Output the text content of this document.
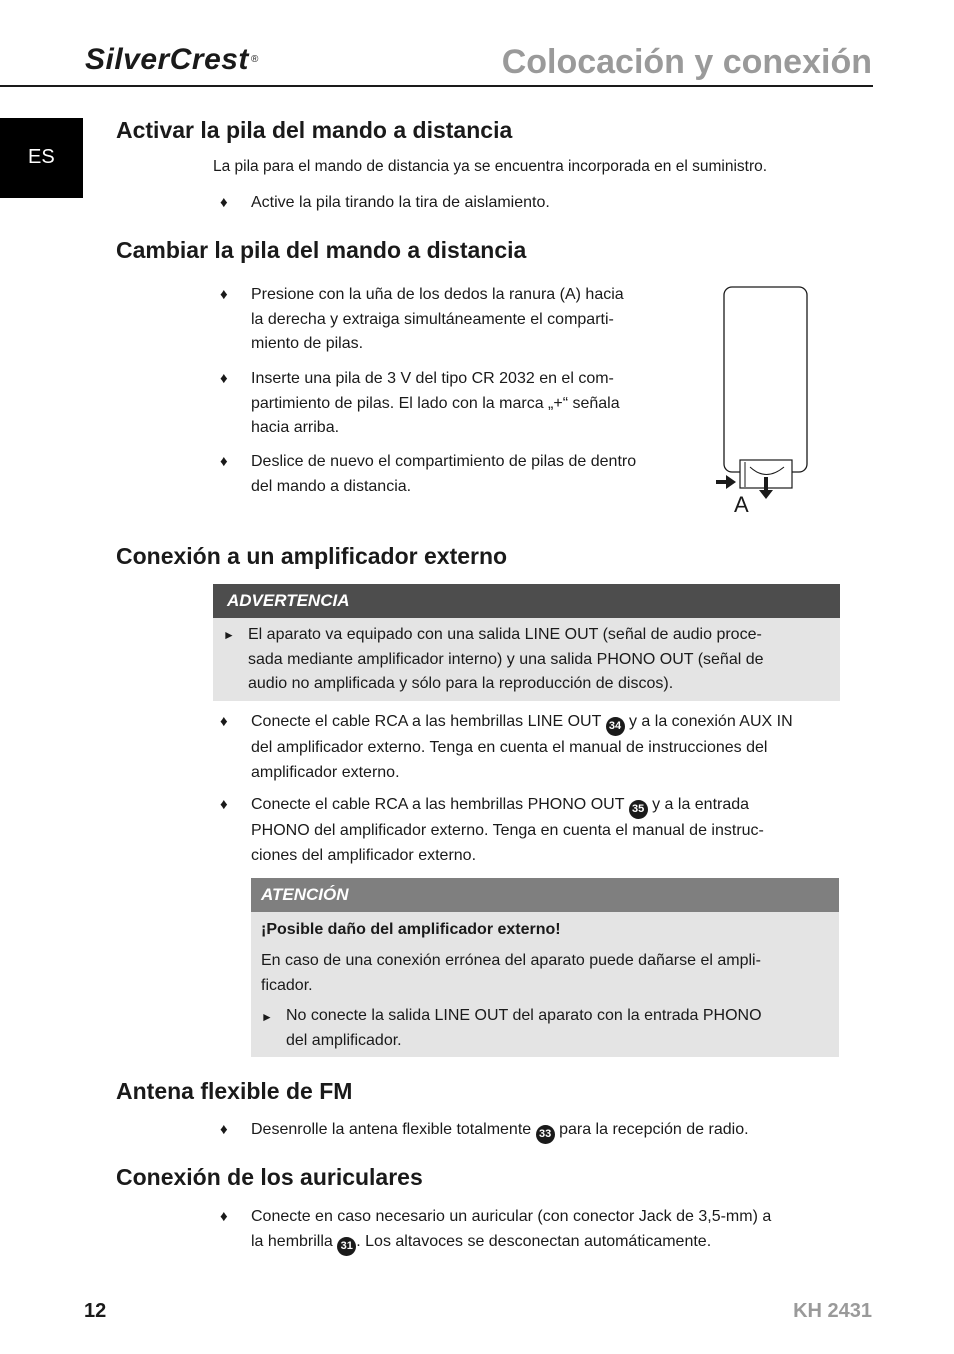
SilverCrest ®	Colocación y conexión
ES
Activar la pila del mando a distancia
La pila para el mando de distancia ya se encuentra incorporada en el suministro.
♦ Active la pila tirando la tira de aislamiento.
Cambiar la pila del mando a distancia
♦ Presione con la uña de los dedos la ranura (A) hacia
la derecha y extraiga simultáneamente el comparti-
miento de pilas.
♦ Inserte una pila de 3 V del tipo CR 2032 en el com-
partimiento de pilas. El lado con la marca „+“ señala
hacia arriba.
♦ Deslice de nuevo el compartimiento de pilas de dentro
del mando a distancia.
A
Conexión a un amplificador externo
ADVERTENCIA
► El aparato va equipado con una salida LINE OUT (señal de audio proce-
sada mediante amplificador interno) y una salida PHONO OUT (señal de
audio no amplificada y sólo para la reproducción de discos).
♦ Conecte el cable RCA a las hembrillas LINE OUT 34 y a la conexión AUX IN
del amplificador externo. Tenga en cuenta el manual de instrucciones del
amplificador externo.
♦ Conecte el cable RCA a las hembrillas PHONO OUT 35 y a la entrada
PHONO del amplificador externo. Tenga en cuenta el manual de instruc-
ciones del amplificador externo.
ATENCIÓN
¡Posible daño del amplificador externo!
En caso de una conexión errónea del aparato puede dañarse el ampli-
ficador.
► No conecte la salida LINE OUT del aparato con la entrada PHONO
del amplificador.
Antena flexible de FM
♦ Desenrolle la antena flexible totalmente 33 para la recepción de radio.
Conexión de los auriculares
♦ Conecte en caso necesario un auricular (con conector Jack de 3,5-mm) a
la hembrilla 31 . Los altavoces se desconectan automáticamente.
12	KH 2431
